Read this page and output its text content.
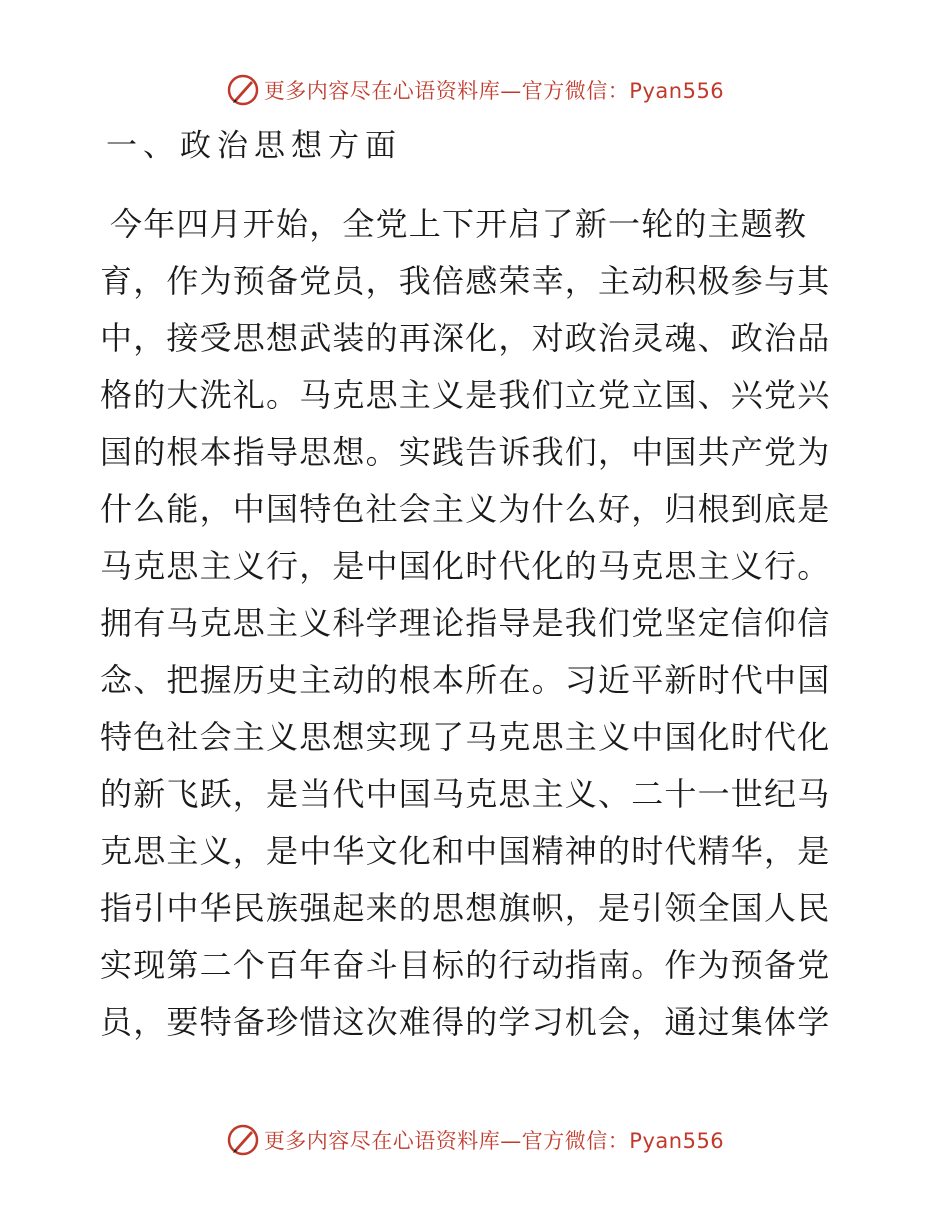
更多内容尽在心语资料库—官方微信：Pyan556
一、政治思想方面
今年四月开始，全党上下开启了新一轮的主题教
育，作为预备党员，我倍感荣幸，主动积极参与其
中，接受思想武装的再深化，对政治灵魂、政治品
格的大洗礼。马克思主义是我们立党立国、兴党兴
国的根本指导思想。实践告诉我们，中国共产党为
什么能，中国特色社会主义为什么好，归根到底是
马克思主义行，是中国化时代化的马克思主义行。
拥有马克思主义科学理论指导是我们党坚定信仰信
念、把握历史主动的根本所在。习近平新时代中国
特色社会主义思想实现了马克思主义中国化时代化
的新飞跃，是当代中国马克思主义、二十一世纪马
克思主义，是中华文化和中国精神的时代精华，是
指引中华民族强起来的思想旗帜，是引领全国人民
实现第二个百年奋斗目标的行动指南。作为预备党
员，要特备珍惜这次难得的学习机会，通过集体学
更多内容尽在心语资料库—官方微信：Pyan556
